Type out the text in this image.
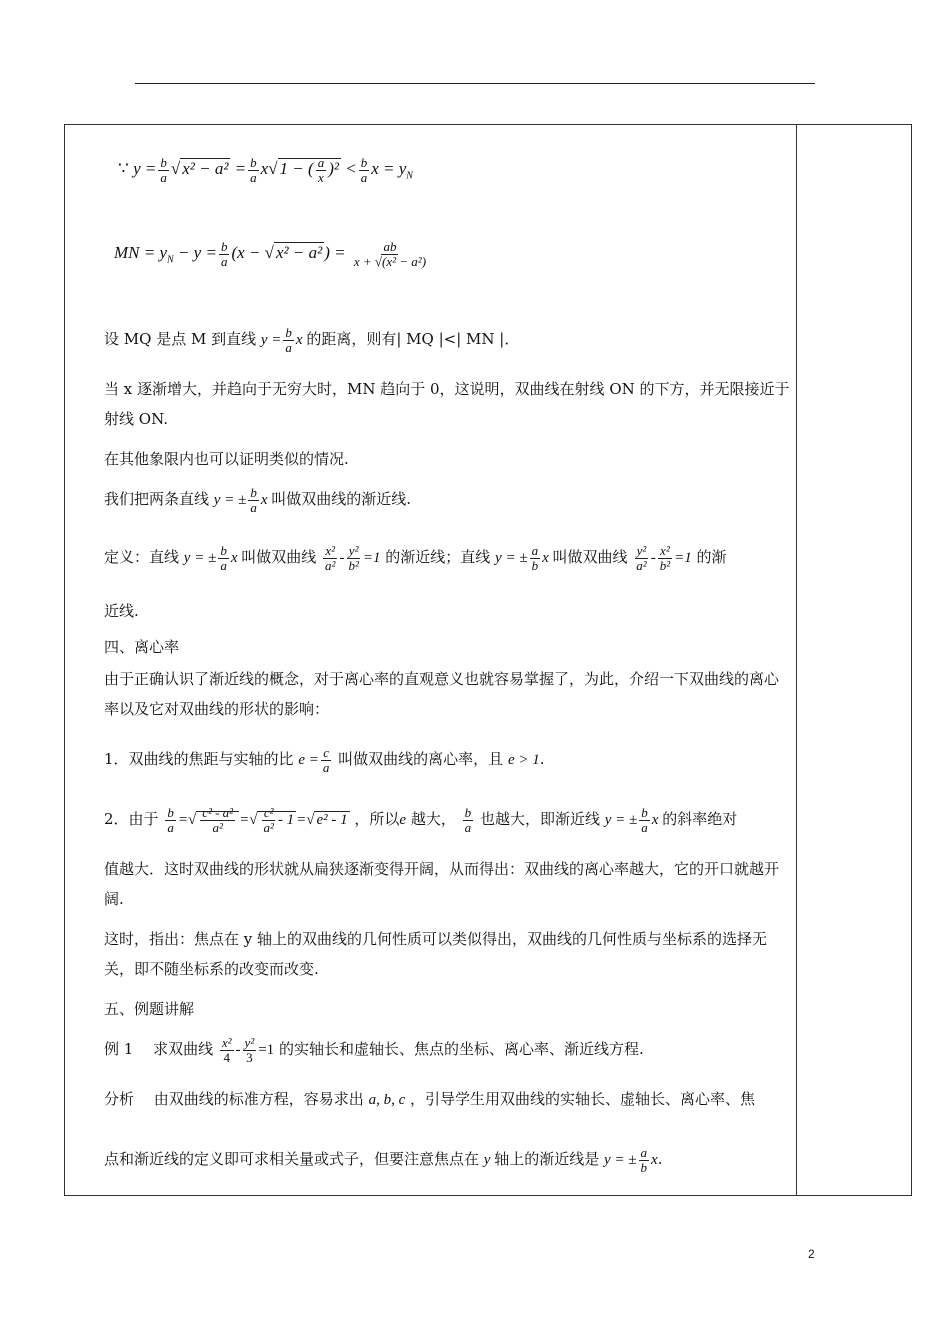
∵ $y = \frac{b}{a}$ √ $x^2 - a^2 = \frac{b}{a} x√$ 1 − ( $\frac{a}{x} )^2 < \frac{b}{a}$ $x = y_N$
MN = $y_N - y = \frac{b}{a} (x$ − √ x² − a² ) = $\frac{ab}{\text{x + √(x² − a²)}}$
设 MQ 是点 M 到直线 $y = \frac{b}{a}$ x 的距离，则有| MQ |<| MN |．
当 x 逐渐增大，并趋向于无穷大时，MN 趋向于 0，这说明，双曲线在射线 ON 的下方，并无限接近于射线 ON.
在其他象限内也可以证明类似的情况.
我们把两条直线 y = ± $\frac{b}{a}$ x 叫做双曲线的渐近线.
定义：直线 y = ± $\frac{b}{a}$ x 叫做双曲线 $\frac{\text{x²}}{\text{a²}} - \frac{\text{y²}}{\text{b²}} =1$ 的渐近线；直线 y = ± $\frac{a}{b}$ x 叫做双曲线 $\frac{\text{y²}}{\text{a²}} - \frac{\text{x²}}{\text{b²}} =1$ 的渐
近线.
四、离心率
由于正确认识了渐近线的概念，对于离心率的直观意义也就容易掌握了，为此，介绍一下双曲线的离心率以及它对双曲线的形状的影响：
1．双曲线的焦距与实轴的比 $e = \frac{c}{a}$ 叫做双曲线的离心率，且 e > 1.
2．由于 $\frac{b}{a}$ =√ $\frac{\text{c² - a²}}{\text{a²}}$ =√ $\frac{\text{c²}}{\text{a²}} - 1$ =√ e² - 1 ，所以e 越大， $\frac{b}{a}$ 也越大，即渐近线 y = ± $\frac{b}{a}$ x 的斜率绝对
值越大．这时双曲线的形状就从扁狭逐渐变得开阔，从而得出：双曲线的离心率越大，它的开口就越开阔.
这时，指出：焦点在 y 轴上的双曲线的几何性质可以类似得出，双曲线的几何性质与坐标系的选择无关，即不随坐标系的改变而改变.
五、例题讲解
例 1　 求双曲线 $\frac{\text{x²}}{4} - \frac{\text{y²}}{3} =1$ 的实轴长和虚轴长、焦点的坐标、离心率、渐近线方程.
分析　 由双曲线的标准方程，容易求出 a, b, c ，引导学生用双曲线的实轴长、虚轴长、离心率、焦
点和渐近线的定义即可求相关量或式子，但要注意焦点在 y 轴上的渐近线是 y = ± $\frac{a}{b} x$.
2
